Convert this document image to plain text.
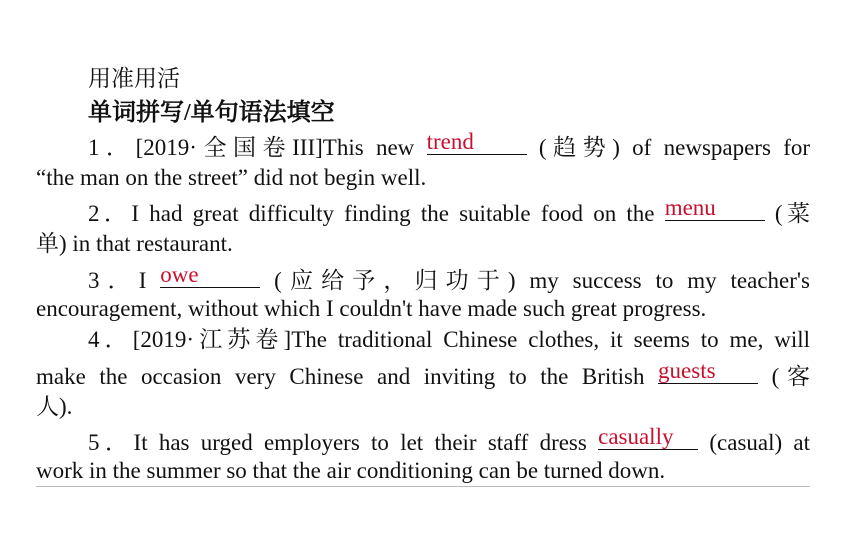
用准用活
单词拼写/单句语法填空
1．[2019·全国卷III]This new trend	(趋势) of newspapers for
“the man on the street” did not begin well.
2．I had great difficulty finding the suitable food on the menu	(菜
单) in that restaurant.
3．I owe	(应给予，归功于) my success to my teacher's
encouragement, without which I couldn't have made such great progress.
4．[2019·江苏卷]The traditional Chinese clothes, it seems to me, will
make the occasion very Chinese and inviting to the British guests	(客
人).
5．It has urged employers to let their staff dress casually	(casual) at
work in the summer so that the air conditioning can be turned down.
